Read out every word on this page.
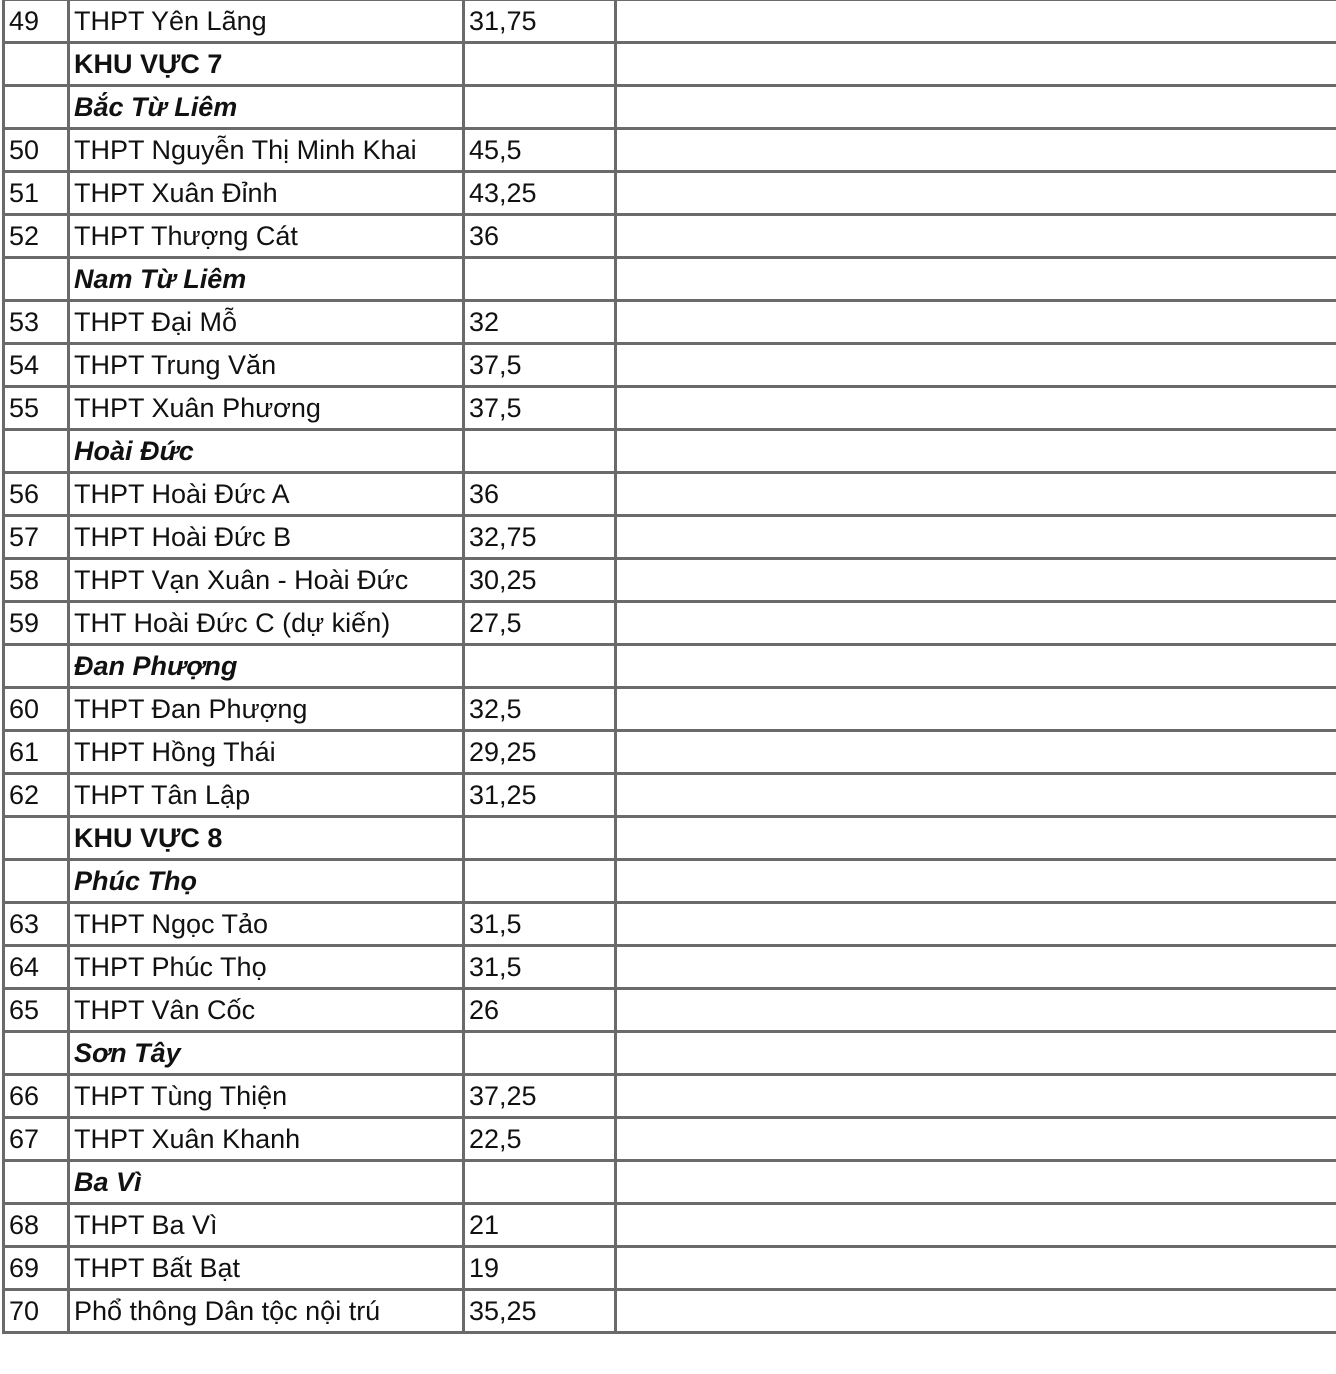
49	THPT Yên Lãng	31,75	
	KHU VỰC 7		
	Bắc Từ Liêm		
50	THPT Nguyễn Thị Minh Khai	45,5	
51	THPT Xuân Đỉnh	43,25	
52	THPT Thượng Cát	36	
	Nam Từ Liêm		
53	THPT Đại Mỗ	32	
54	THPT Trung Văn	37,5	
55	THPT Xuân Phương	37,5	
	Hoài Đức		
56	THPT Hoài Đức A	36	
57	THPT Hoài Đức B	32,75	
58	THPT Vạn Xuân - Hoài Đức	30,25	
59	THT Hoài Đức C (dự kiến)	27,5	
	Đan Phượng		
60	THPT Đan Phượng	32,5	
61	THPT Hồng Thái	29,25	
62	THPT Tân Lập	31,25	
	KHU VỰC 8		
	Phúc Thọ		
63	THPT Ngọc Tảo	31,5	
64	THPT Phúc Thọ	31,5	
65	THPT Vân Cốc	26	
	Sơn Tây		
66	THPT Tùng Thiện	37,25	
67	THPT Xuân Khanh	22,5	
	Ba Vì		
68	THPT Ba Vì	21	
69	THPT Bất Bạt	19	
70	Phổ thông Dân tộc nội trú	35,25	
